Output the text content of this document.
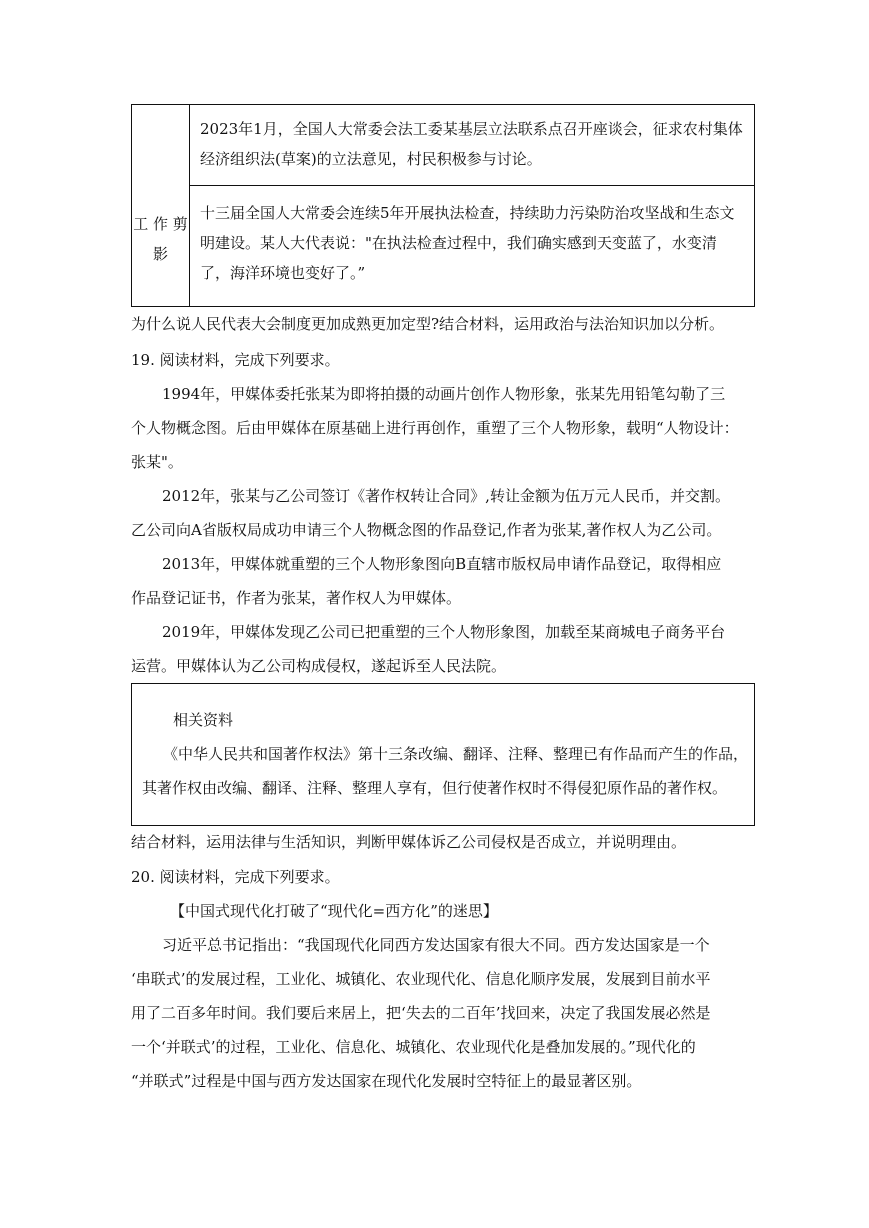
工 作 剪影
2023年1月，全国人大常委会法工委某基层立法联系点召开座谈会，征求农村集体经济组织法(草案)的立法意见，村民积极参与讨论。
十三届全国人大常委会连续5年开展执法检查，持续助力污染防治攻坚战和生态文明建设。某人大代表说："在执法检查过程中，我们确实感到天变蓝了，水变清了，海洋环境也变好了。”
为什么说人民代表大会制度更加成熟更加定型?结合材料，运用政治与法治知识加以分析。
19. 阅读材料，完成下列要求。
1994年，甲媒体委托张某为即将拍摄的动画片创作人物形象，张某先用铅笔勾勒了三
个人物概念图。后由甲媒体在原基础上进行再创作，重塑了三个人物形象，载明“人物设计：
张某"。
2012年，张某与乙公司签订《著作权转让合同》,转让金额为伍万元人民币，并交割。
乙公司向A省版权局成功申请三个人物概念图的作品登记,作者为张某,著作权人为乙公司。
2013年，甲媒体就重塑的三个人物形象图向B直辖市版权局申请作品登记，取得相应
作品登记证书，作者为张某，著作权人为甲媒体。
2019年，甲媒体发现乙公司已把重塑的三个人物形象图，加载至某商城电子商务平台
运营。甲媒体认为乙公司构成侵权，遂起诉至人民法院。
相关资料
《中华人民共和国著作权法》第十三条改编、翻译、注释、整理已有作品而产生的作品，
其著作权由改编、翻译、注释、整理人享有，但行使著作权时不得侵犯原作品的著作权。
结合材料，运用法律与生活知识，判断甲媒体诉乙公司侵权是否成立，并说明理由。
20. 阅读材料，完成下列要求。
【中国式现代化打破了“现代化=西方化”的迷思】
习近平总书记指出：“我国现代化同西方发达国家有很大不同。西方发达国家是一个
‘串联式’的发展过程，工业化、城镇化、农业现代化、信息化顺序发展，发展到目前水平
用了二百多年时间。我们要后来居上，把‘失去的二百年’找回来，决定了我国发展必然是
一个‘并联式’的过程，工业化、信息化、城镇化、农业现代化是叠加发展的。”现代化的
“并联式”过程是中国与西方发达国家在现代化发展时空特征上的最显著区别。
